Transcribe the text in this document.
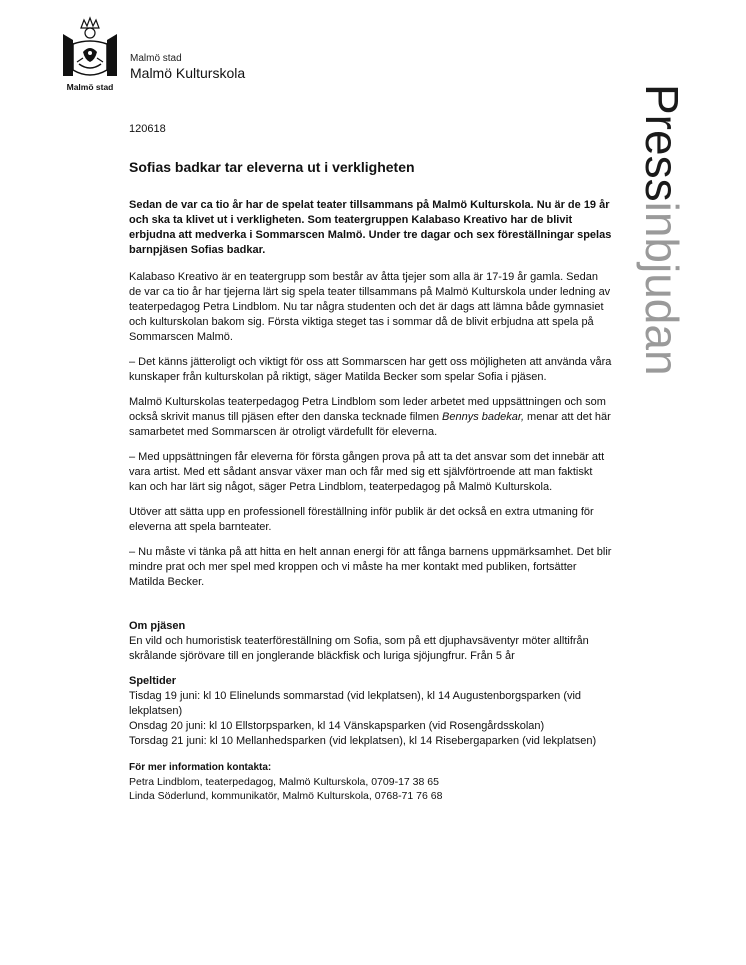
Malmö stad
Malmö stad
Malmö Kulturskola
Pressinbjudan
120618
Sofias badkar tar eleverna ut i verkligheten

Sedan de var ca tio år har de spelat teater tillsammans på Malmö Kulturskola. Nu är de 19 år och ska ta klivet ut i verkligheten. Som teatergruppen Kalabaso Kreativo har de blivit erbjudna att medverka i Sommarscen Malmö. Under tre dagar och sex föreställningar spelas barnpjäsen Sofias badkar.

Kalabaso Kreativo är en teatergrupp som består av åtta tjejer som alla är 17-19 år gamla. Sedan de var ca tio år har tjejerna lärt sig spela teater tillsammans på Malmö Kulturskola under ledning av teaterpedagog Petra Lindblom. Nu tar några studenten och det är dags att lämna både gymnasiet och kulturskolan bakom sig. Första viktiga steget tas i sommar då de blivit erbjudna att spela på Sommarscen Malmö.

– Det känns jätteroligt och viktigt för oss att Sommarscen har gett oss möjligheten att använda våra kunskaper från kulturskolan på riktigt, säger Matilda Becker som spelar Sofia i pjäsen.

Malmö Kulturskolas teaterpedagog Petra Lindblom som leder arbetet med uppsättningen och som också skrivit manus till pjäsen efter den danska tecknade filmen Bennys badekar, menar att det här samarbetet med Sommarscen är otroligt värdefullt för eleverna.

– Med uppsättningen får eleverna för första gången prova på att ta det ansvar som det innebär att vara artist. Med ett sådant ansvar växer man och får med sig ett självförtroende att man faktiskt kan och har lärt sig något, säger Petra Lindblom, teaterpedagog på Malmö Kulturskola.

Utöver att sätta upp en professionell föreställning inför publik är det också en extra utmaning för eleverna att spela barnteater.

– Nu måste vi tänka på att hitta en helt annan energi för att fånga barnens uppmärksamhet. Det blir mindre prat och mer spel med kroppen och vi måste ha mer kontakt med publiken, fortsätter Matilda Becker.

Om pjäsen

En vild och humoristisk teaterföreställning om Sofia, som på ett djuphavsäventyr möter alltifrån skrålande sjörövare till en jonglerande bläckfisk och luriga sjöjungfrur. Från 5 år

Speltider
Tisdag 19 juni: kl 10 Elinelunds sommarstad (vid lekplatsen), kl 14 Augustenborgsparken (vid lekplatsen)
Onsdag 20 juni: kl 10 Ellstorpsparken, kl 14 Vänskapsparken (vid Rosengårdsskolan)
Torsdag 21 juni: kl 10 Mellanhedsparken (vid lekplatsen), kl 14 Risebergaparken (vid lekplatsen)
För mer information kontakta:

Petra Lindblom, teaterpedagog, Malmö Kulturskola, 0709-17 38 65

Linda Söderlund, kommunikatör, Malmö Kulturskola, 0768-71 76 68
